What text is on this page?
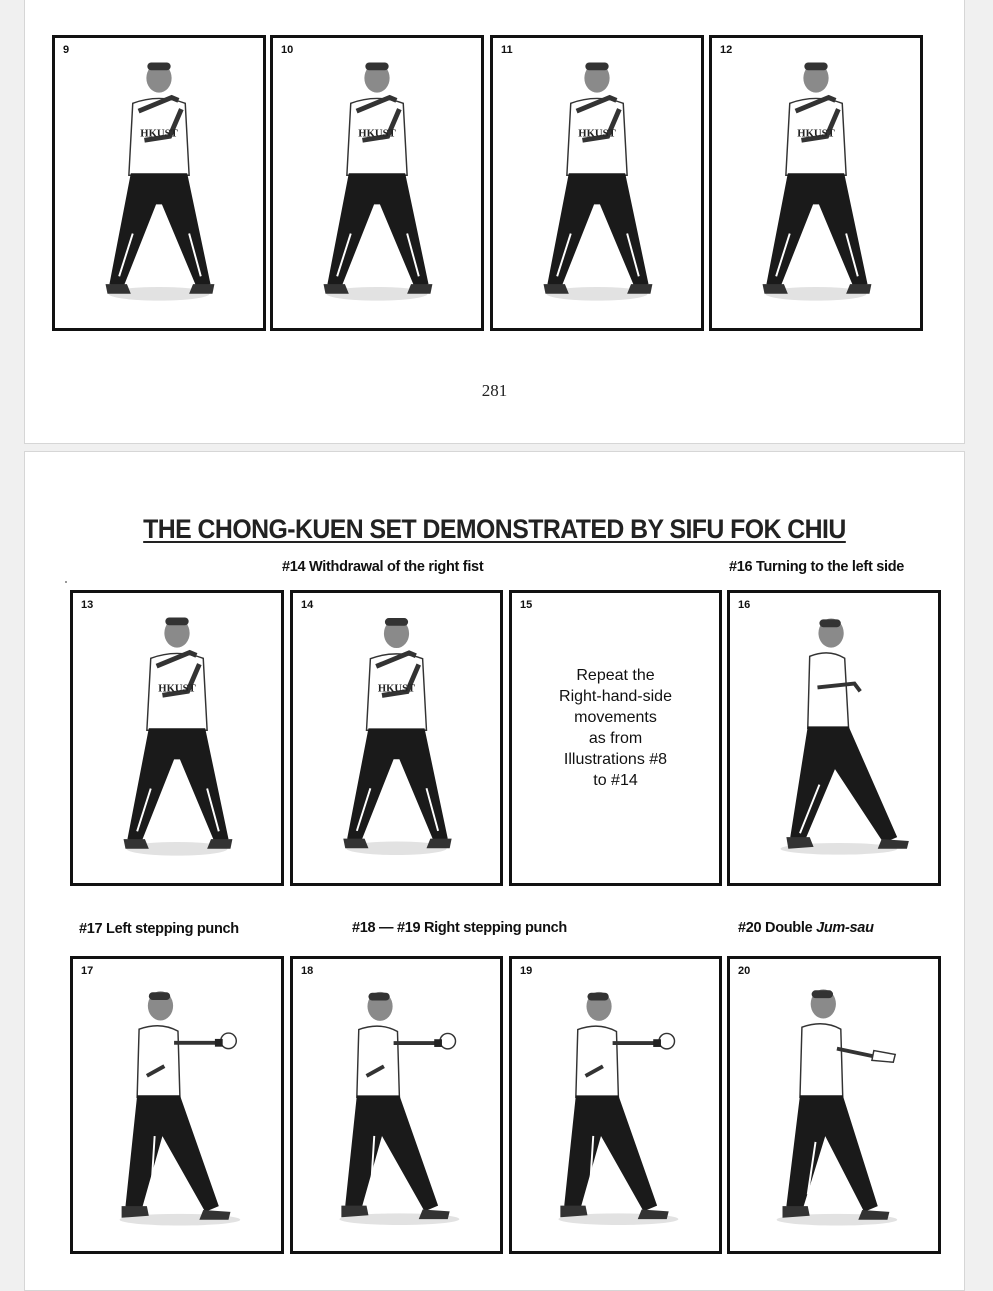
HKUST
9
HKUST
10
HKUST
11
HKUST
12
281
THE CHONG-KUEN SET DEMONSTRATED BY SIFU FOK CHIU
#14 Withdrawal of the right fist	#16 Turning to the left side
HKUST
13
HKUST
14	15
Repeat the
Right-hand-side
movements
as from
Illustrations #8
to #14
16
#17 Left stepping punch	#18 — #19 Right stepping punch	#20 Double Jum-sau
17	18	19	20
